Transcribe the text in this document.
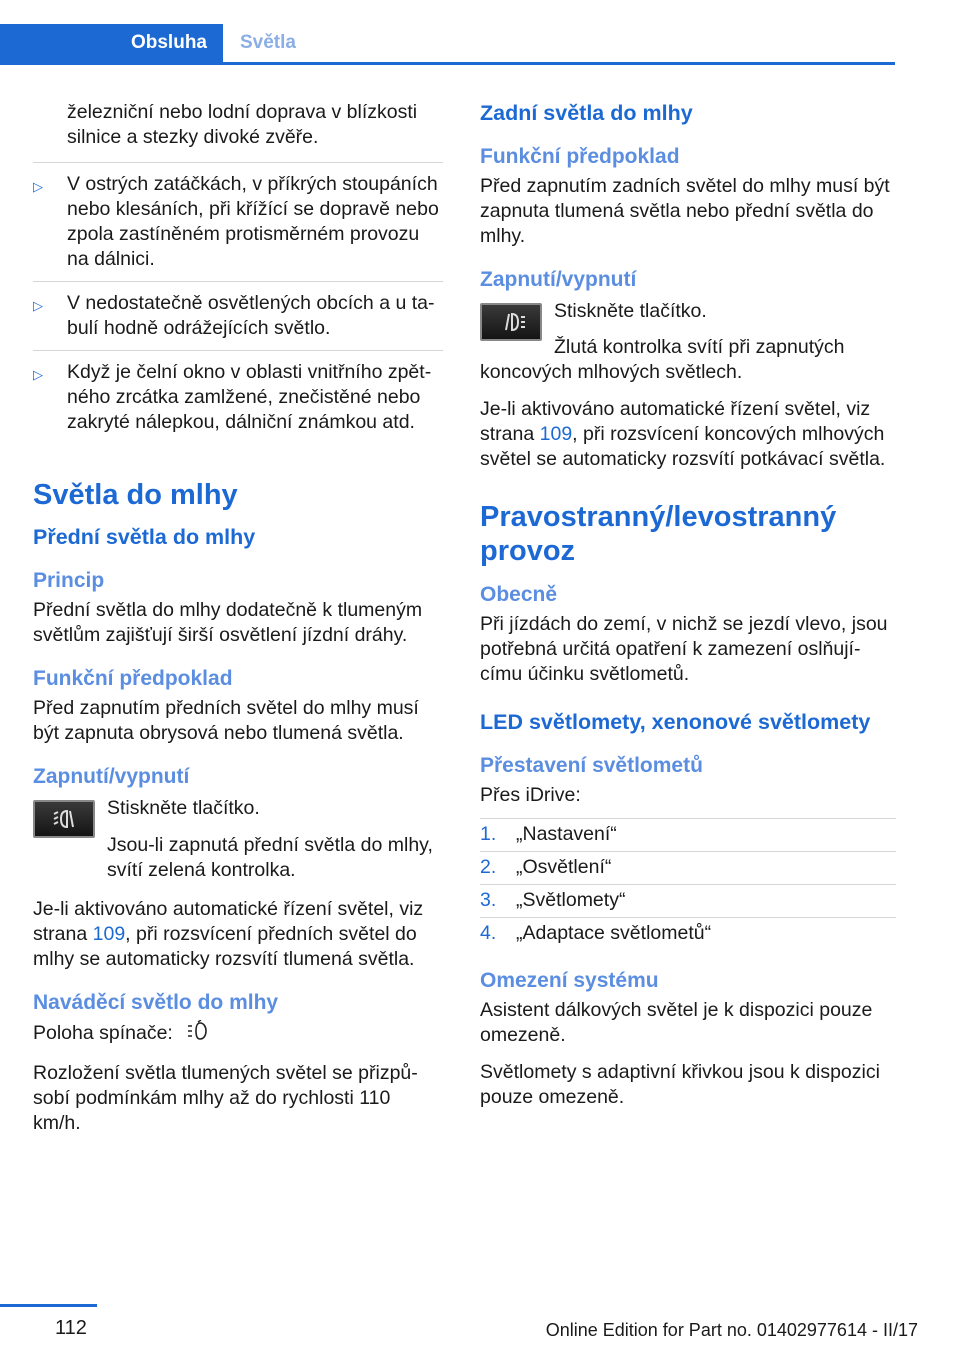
Obsluha	Světla

železniční nebo lodní doprava v blízkosti silnice a stezky divoké zvěře.

▷ V ostrých zatáčkách, v příkrých stoupáních nebo klesáních, při křížící se dopravě nebo zpola zastíněném protisměrném provozu na dálnici.
▷ V nedostatečně osvětlených obcích a u ta‐ bulí hodně odrážejících světlo.
▷ Když je čelní okno v oblasti vnitřního zpět‐ ného zrcátka zamlžené, znečistěné nebo zakryté nálepkou, dálniční známkou atd.
Světla do mlhy
Přední světla do mlhy
Princip

Přední světla do mlhy dodatečně k tlumeným světlům zajišťují širší osvětlení jízdní dráhy.

Funkční předpoklad

Před zapnutím předních světel do mlhy musí být zapnuta obrysová nebo tlumená světla.

Zapnutí/vypnutí

Stiskněte tlačítko.

Jsou-li zapnutá přední světla do mlhy, svítí zelená kontrolka.

Je-li aktivováno automatické řízení světel, viz strana 109, při rozsvícení předních světel do mlhy se automaticky rozsvítí tlumená světla.

Naváděcí světlo do mlhy

Poloha spínače:

Rozložení světla tlumených světel se přizpů‐ sobí podmínkám mlhy až do rychlosti 110 km/h.

Zadní světla do mlhy
Funkční předpoklad

Před zapnutím zadních světel do mlhy musí být zapnuta tlumená světla nebo přední světla do mlhy.

Zapnutí/vypnutí

Stiskněte tlačítko.

Žlutá kontrolka svítí při zapnutých koncových mlhových světlech.

Je-li aktivováno automatické řízení světel, viz strana 109, při rozsvícení koncových mlhových světel se automaticky rozsvítí potkávací světla.

Pravostranný/levostranný provoz
Obecně

Při jízdách do zemí, v nichž se jezdí vlevo, jsou potřebná určitá opatření k zamezení oslňují‐ címu účinku světlometů.

LED světlomety, xenonové světlomety
Přestavení světlometů

Přes iDrive:

1. „Nastavení“
2. „Osvětlení“
3. „Světlomety“
4. „Adaptace světlometů“
Omezení systému

Asistent dálkových světel je k dispozici pouze omezeně.

Světlomety s adaptivní křivkou jsou k dispozici pouze omezeně.

112	Online Edition for Part no. 01402977614 - II/17
